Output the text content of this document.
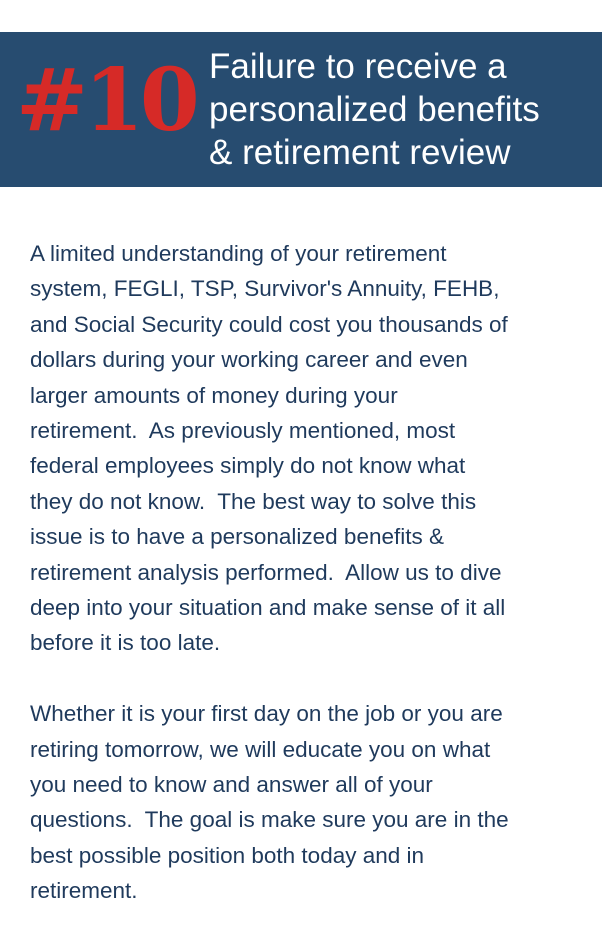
#10 Failure to receive a
personalized benefits
& retirement review

A limited understanding of your retirement
system, FEGLI, TSP, Survivor's Annuity, FEHB,
and Social Security could cost you thousands of
dollars during your working career and even
larger amounts of money during your
retirement.  As previously mentioned, most
federal employees simply do not know what
they do not know.  The best way to solve this
issue is to have a personalized benefits &
retirement analysis performed.  Allow us to dive
deep into your situation and make sense of it all
before it is too late.

Whether it is your first day on the job or you are
retiring tomorrow, we will educate you on what
you need to know and answer all of your
questions.  The goal is make sure you are in the
best possible position both today and in
retirement.
